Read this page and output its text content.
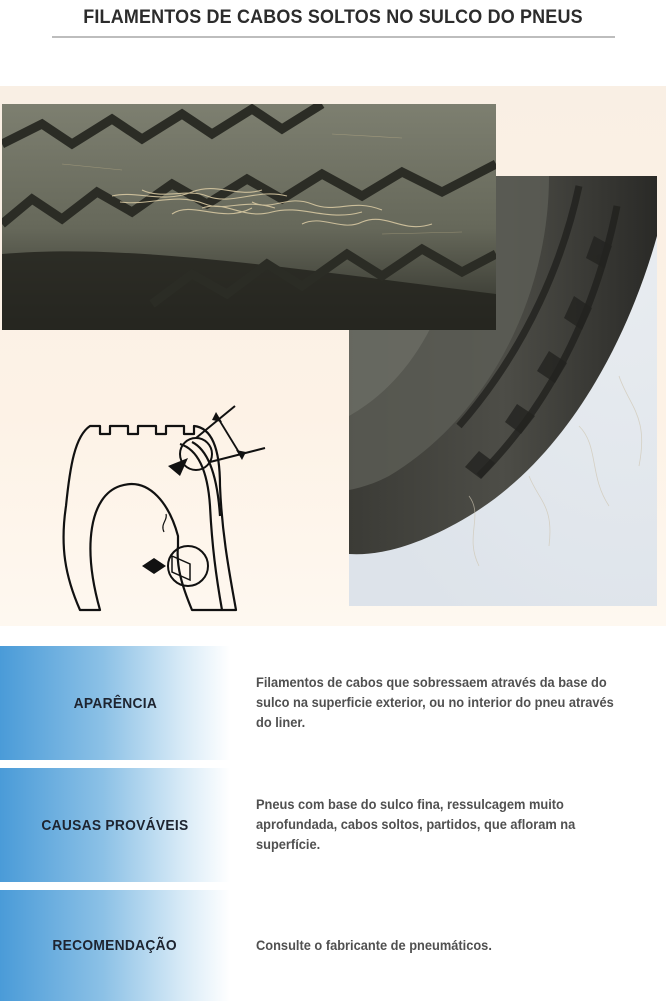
FILAMENTOS DE CABOS SOLTOS NO SULCO DO PNEUS
APARÊNCIA
Filamentos de cabos que sobressaem através da base do sulco na superficie exterior, ou no interior do pneu através do liner.
CAUSAS PROVÁVEIS
Pneus com base do sulco fina, ressulcagem muito aprofundada, cabos soltos, partidos, que afloram na superfície.
RECOMENDAÇÃO	Consulte o fabricante de pneumáticos.
